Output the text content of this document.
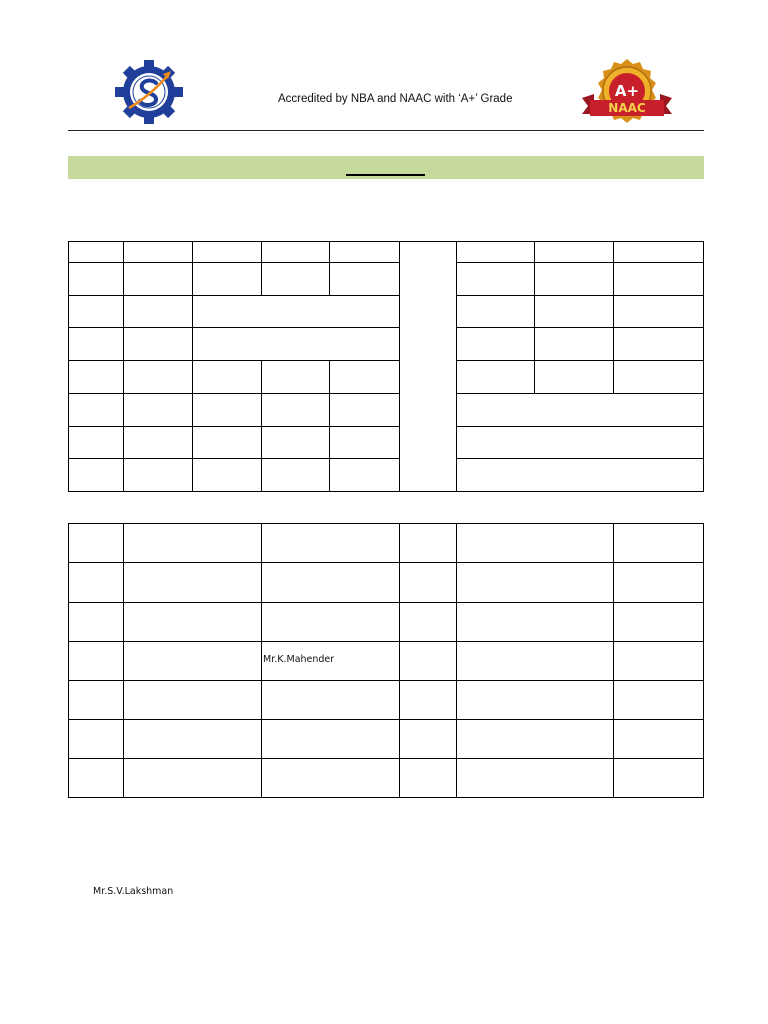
Accredited by NBA and NAAC with ‘A+’ Grade	A+
NAAC
Mr.K.Mahender
Mr.S.V.Lakshman
